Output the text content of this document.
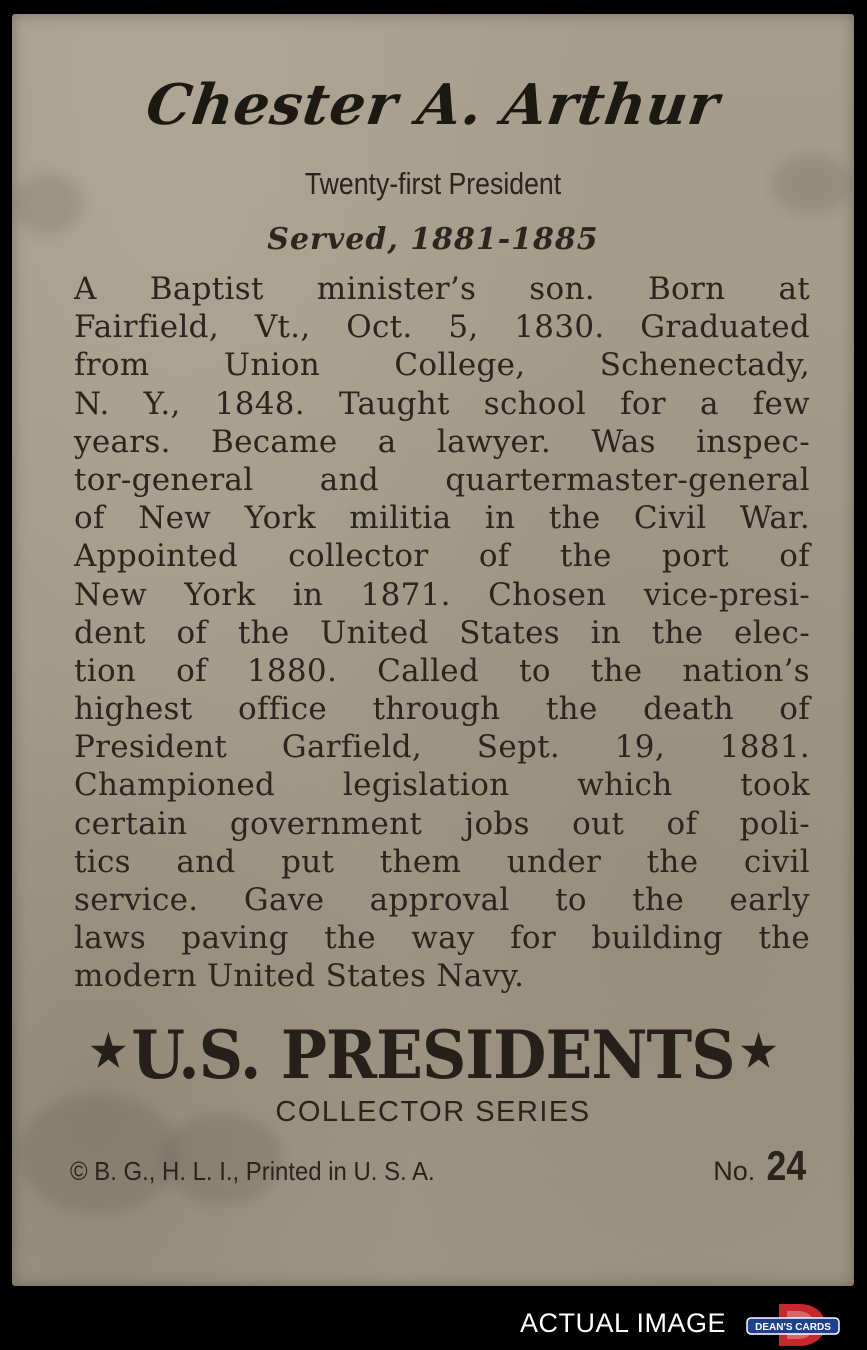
Chester A. Arthur
Twenty-first President
Served, 1881-1885
A Baptist minister’s son. Born at
Fairfield, Vt., Oct. 5, 1830. Graduated
from Union College, Schenectady,
N. Y., 1848. Taught school for a few
years. Became a lawyer. Was inspec-
tor-general and quartermaster-general
of New York militia in the Civil War.
Appointed collector of the port of
New York in 1871. Chosen vice-presi-
dent of the United States in the elec-
tion of 1880. Called to the nation’s
highest office through the death of
President Garfield, Sept. 19, 1881.
Championed legislation which took
certain government jobs out of poli-
tics and put them under the civil
service. Gave approval to the early
laws paving the way for building the
modern United States Navy.
★U.S. PRESIDENTS ★
COLLECTOR SERIES
© B. G., H. L. I., Printed in U. S. A.	No. 24
ACTUAL IMAGE	DEAN'S CARDS
